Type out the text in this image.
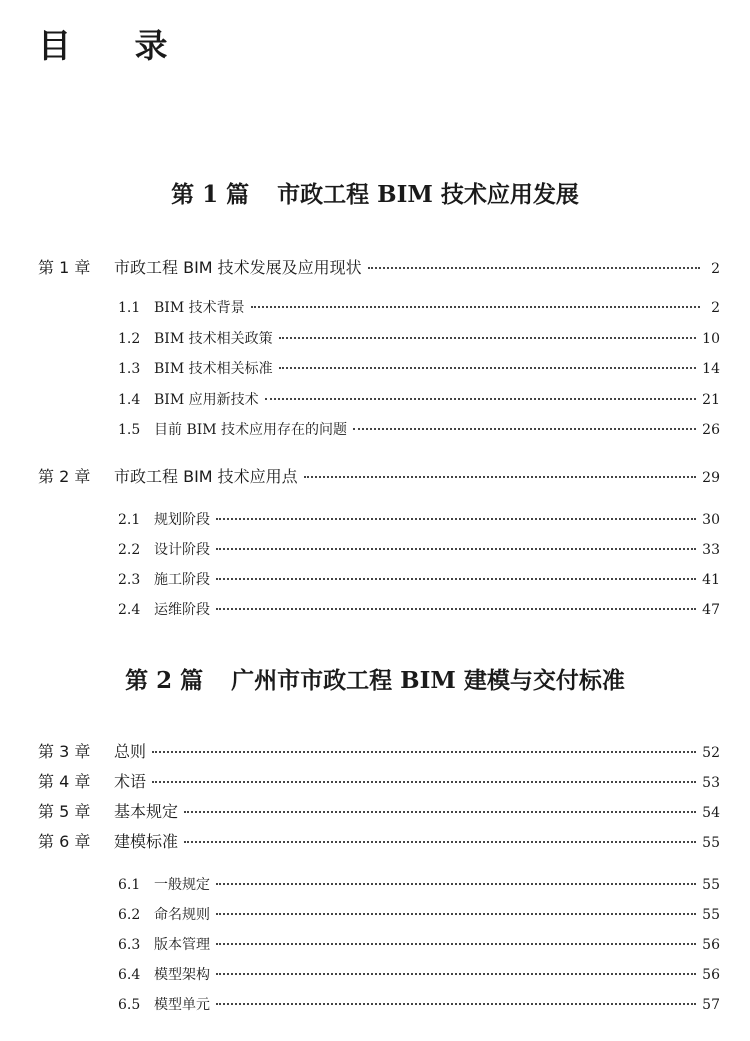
目 录
第 1 篇 市政工程 BIM 技术应用发展
第 1 章	市政工程 BIM 技术发展及应用现状	2
1.1 BIM 技术背景	2
1.2 BIM 技术相关政策	10
1.3 BIM 技术相关标准	14
1.4 BIM 应用新技术	21
1.5 目前 BIM 技术应用存在的问题	26
第 2 章	市政工程 BIM 技术应用点	29
2.1 规划阶段	30
2.2 设计阶段	33
2.3 施工阶段	41
2.4 运维阶段	47
第 2 篇 广州市市政工程 BIM 建模与交付标准
第 3 章	总则	52
第 4 章	术语	53
第 5 章	基本规定	54
第 6 章	建模标准	55
6.1 一般规定	55
6.2 命名规则	55
6.3 版本管理	56
6.4 模型架构	56
6.5 模型单元	57
